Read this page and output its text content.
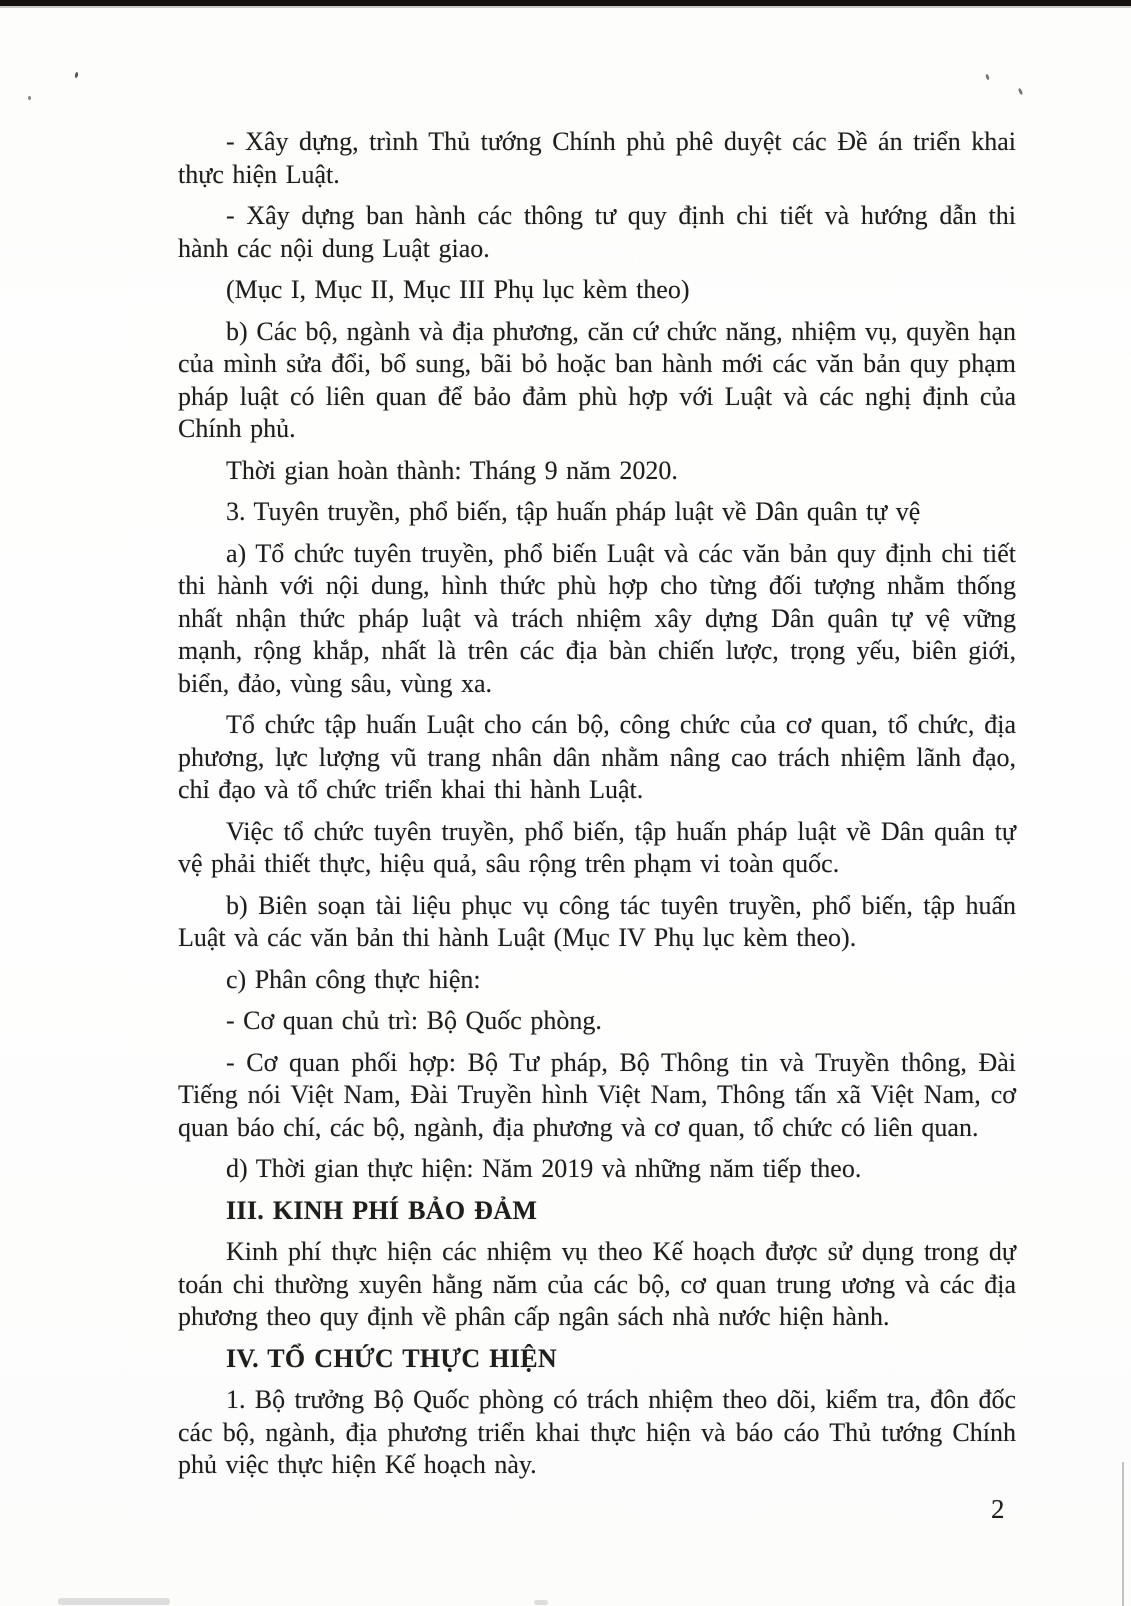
- Xây dựng, trình Thủ tướng Chính phủ phê duyệt các Đề án triển khai thực hiện Luật.

- Xây dựng ban hành các thông tư quy định chi tiết và hướng dẫn thi hành các nội dung Luật giao.

(Mục I, Mục II, Mục III Phụ lục kèm theo)

b) Các bộ, ngành và địa phương, căn cứ chức năng, nhiệm vụ, quyền hạn của mình sửa đổi, bổ sung, bãi bỏ hoặc ban hành mới các văn bản quy phạm pháp luật có liên quan để bảo đảm phù hợp với Luật và các nghị định của Chính phủ.

Thời gian hoàn thành: Tháng 9 năm 2020.

3. Tuyên truyền, phổ biến, tập huấn pháp luật về Dân quân tự vệ

a) Tổ chức tuyên truyền, phổ biến Luật và các văn bản quy định chi tiết thi hành với nội dung, hình thức phù hợp cho từng đối tượng nhằm thống nhất nhận thức pháp luật và trách nhiệm xây dựng Dân quân tự vệ vững mạnh, rộng khắp, nhất là trên các địa bàn chiến lược, trọng yếu, biên giới, biển, đảo, vùng sâu, vùng xa.

Tổ chức tập huấn Luật cho cán bộ, công chức của cơ quan, tổ chức, địa phương, lực lượng vũ trang nhân dân nhằm nâng cao trách nhiệm lãnh đạo, chỉ đạo và tổ chức triển khai thi hành Luật.

Việc tổ chức tuyên truyền, phổ biến, tập huấn pháp luật về Dân quân tự vệ phải thiết thực, hiệu quả, sâu rộng trên phạm vi toàn quốc.

b) Biên soạn tài liệu phục vụ công tác tuyên truyền, phổ biến, tập huấn Luật và các văn bản thi hành Luật (Mục IV Phụ lục kèm theo).

c) Phân công thực hiện:

- Cơ quan chủ trì: Bộ Quốc phòng.

- Cơ quan phối hợp: Bộ Tư pháp, Bộ Thông tin và Truyền thông, Đài Tiếng nói Việt Nam, Đài Truyền hình Việt Nam, Thông tấn xã Việt Nam, cơ quan báo chí, các bộ, ngành, địa phương và cơ quan, tổ chức có liên quan.

d) Thời gian thực hiện: Năm 2019 và những năm tiếp theo.

III. KINH PHÍ BẢO ĐẢM

Kinh phí thực hiện các nhiệm vụ theo Kế hoạch được sử dụng trong dự toán chi thường xuyên hằng năm của các bộ, cơ quan trung ương và các địa phương theo quy định về phân cấp ngân sách nhà nước hiện hành.

IV. TỔ CHỨC THỰC HIỆN

1. Bộ trưởng Bộ Quốc phòng có trách nhiệm theo dõi, kiểm tra, đôn đốc các bộ, ngành, địa phương triển khai thực hiện và báo cáo Thủ tướng Chính phủ việc thực hiện Kế hoạch này.

2
